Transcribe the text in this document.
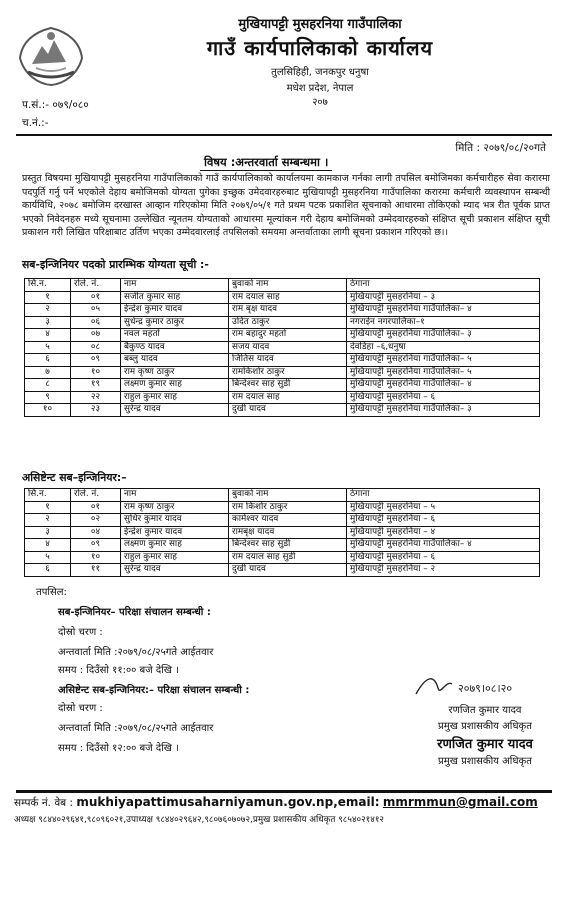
मुखियापट्टी मुसहरनिया गाउँपालिका
गाउँ कार्यपालिकाको कार्यालय
तुलसिहिही, जनकपुर धनुषा
मधेश प्रदेश, नेपाल
२०७
प.सं.:- ०७९/०८०
च.नं.:-
मिति : २०७९/०८/२०गते
विषय :अन्तरवार्ता सम्बन्धमा ।
प्रस्तुत विषयमा मुखियापट्टी मुसहरनिया गाउँपालिकाको गाउँ कार्यपालिकाको कार्यालयमा कामकाज गर्नका लागी तपसिल बमोजिमका कर्मचारीहरु सेवा करारमा पदपुर्ति गर्नु पर्ने भएकोले देहाय बमोजिमको योग्यता पुगेका इच्छुक उमेदवारहरुबाट मुखियापट्टी मुसहरनिया गाउँपालिका करारमा कर्मचारी व्यवस्थापन सम्बन्धी कार्यविधि, २०७८ बमोजिम दरखास्त आव्हान गरिएकोमा मिति २०७९/०५/१ गते प्रथम पटक प्रकाशित सूचनाको आधारमा तोकिएको म्याद भत्र रीत पूर्वक प्राप्त भएको निवेदनहरु मध्ये सूचनामा उल्लेखित न्यूनतम योग्यताको आधारमा मूल्यांकन गरी देहाय बमोजिमको उम्मेदवारहरुको संक्षिप्त सूची प्रकाशन संक्षिप्त सूची प्रकाशन गरी लिखित परिक्षाबाट उर्तिण भएका उम्मेदवारलाई तपसिलको समयमा अन्तर्वाताका लागी सूचना प्रकाशन गरिएको छ।।
सब-इन्जिनियर पदको प्रारम्भिक योग्यता सूची :-
सि.न.	रोले. नं.	नाम	बुवाको नाम	ठेगाना
१	०१	सजीत कुमार साह	राम दयाल साह	मुखियापट्टी मुसहरनिया – ३
२	०५	ईन्द्रेश कुमार यादव	राम बृक्ष यादव	मुखियापट्टी मुसहरनिया गाउँपालिका– ४
३	०६	सुधेन्द्र कुमार ठाकुर	उदित ठाकुर	नगराईन नगरपालिका–१
४	०७	नवल महतो	राम बहादुर महतो	मुखियापट्टी मुसहरनिया गाउँपालिका– ३
५	०८	बैकुण्ठ यादव	सजय यादव	देवडिहा –६,धनुषा
६	०९	बब्लु यादव	जितिस यादव	मुखियापट्टी मुसहरनिया गाउँपालिका– ५
७	१०	राम कृष्ण ठाकुर	रामकिशोर ठाकुर	मुखियापट्टी मुसहरनिया गाउँपालिका– ५
८	१९	लक्ष्मण कुमार साह	बिन्देश्वर साह सुडी	मुखियापट्टी मुसहरनिया गाउँपालिका– ४
९	२२	राहुल कुमार साह	राम दयाल साह	मुखियापट्टी मुसहरनिया – ६
१०	२३	सुरेन्द्र यादव	दुखी यादव	मुखियापट्टी मुसहरनिया गाउँपालिका– ३
असिष्टेन्ट सब–इन्जिनियर:–
सि.न.	रोले. नं.	नाम	बुवाको नाम	ठेगाना
१	०१	राम कृष्ण ठाकुर	राम किशोर ठाकुर	मुखियापट्टी मुसहरनिया – ५
२	०२	सुधिर कुमार यादव	कामेश्वर यादव	मुखियापट्टी मुसहरनिया – ६
३	०४	ईन्द्रेश कुमार यादव	रामबृक्ष यादव	मुखियापट्टी मुसहरनिया – ४
४	०९	लक्ष्मण कुमार साह	बिन्देश्वर साह सुडी	मुखियापट्टी मुसहरनिया गाउँपालिका– ४
५	१०	राहुल कुमार साह	राम दयाल साह सुडी	मुखियापट्टी मुसहरनिया – ६
६	११	सुरेन्द्र यादव	दुखी यादव	मुखियापट्टी मुसहरनिया – २
तपसिल:
सब-इन्जिनियर– परिक्षा संचालन सम्बन्धी :
दोस्रो चरण :
अन्तवार्ता मिति :२०७९/०८/२५गते आईतवार
समय : दिउँसो ११:०० बजे देखि ।
असिष्टेन्ट सब-इन्जिनियर:– परिक्षा संचालन सम्बन्धी :
दोस्रो चरण :
अन्तवार्ता मिति :२०७९/०८/२५गते आईतवार
समय : दिउँसो १२:०० बजे देखि ।
२०७९।०८।२०
रणजित कुमार यादव
प्रमुख प्रशासकीय अधिकृत
रणजित कुमार यादव
प्रमुख प्रशासकीय अधिकृत
सम्पर्क नं. वेब : mukhiyapattimusaharniyamun.gov.np,email: mmrmmun@gmail.com
अध्यक्ष ९८४४०२९६४१,९८०९६०२१,उपाध्यक्ष ९८४४०२९६४२,९८०७६०७०७२,प्रमुख प्रशासकीय अधिकृत ९८५४०२१४१२
